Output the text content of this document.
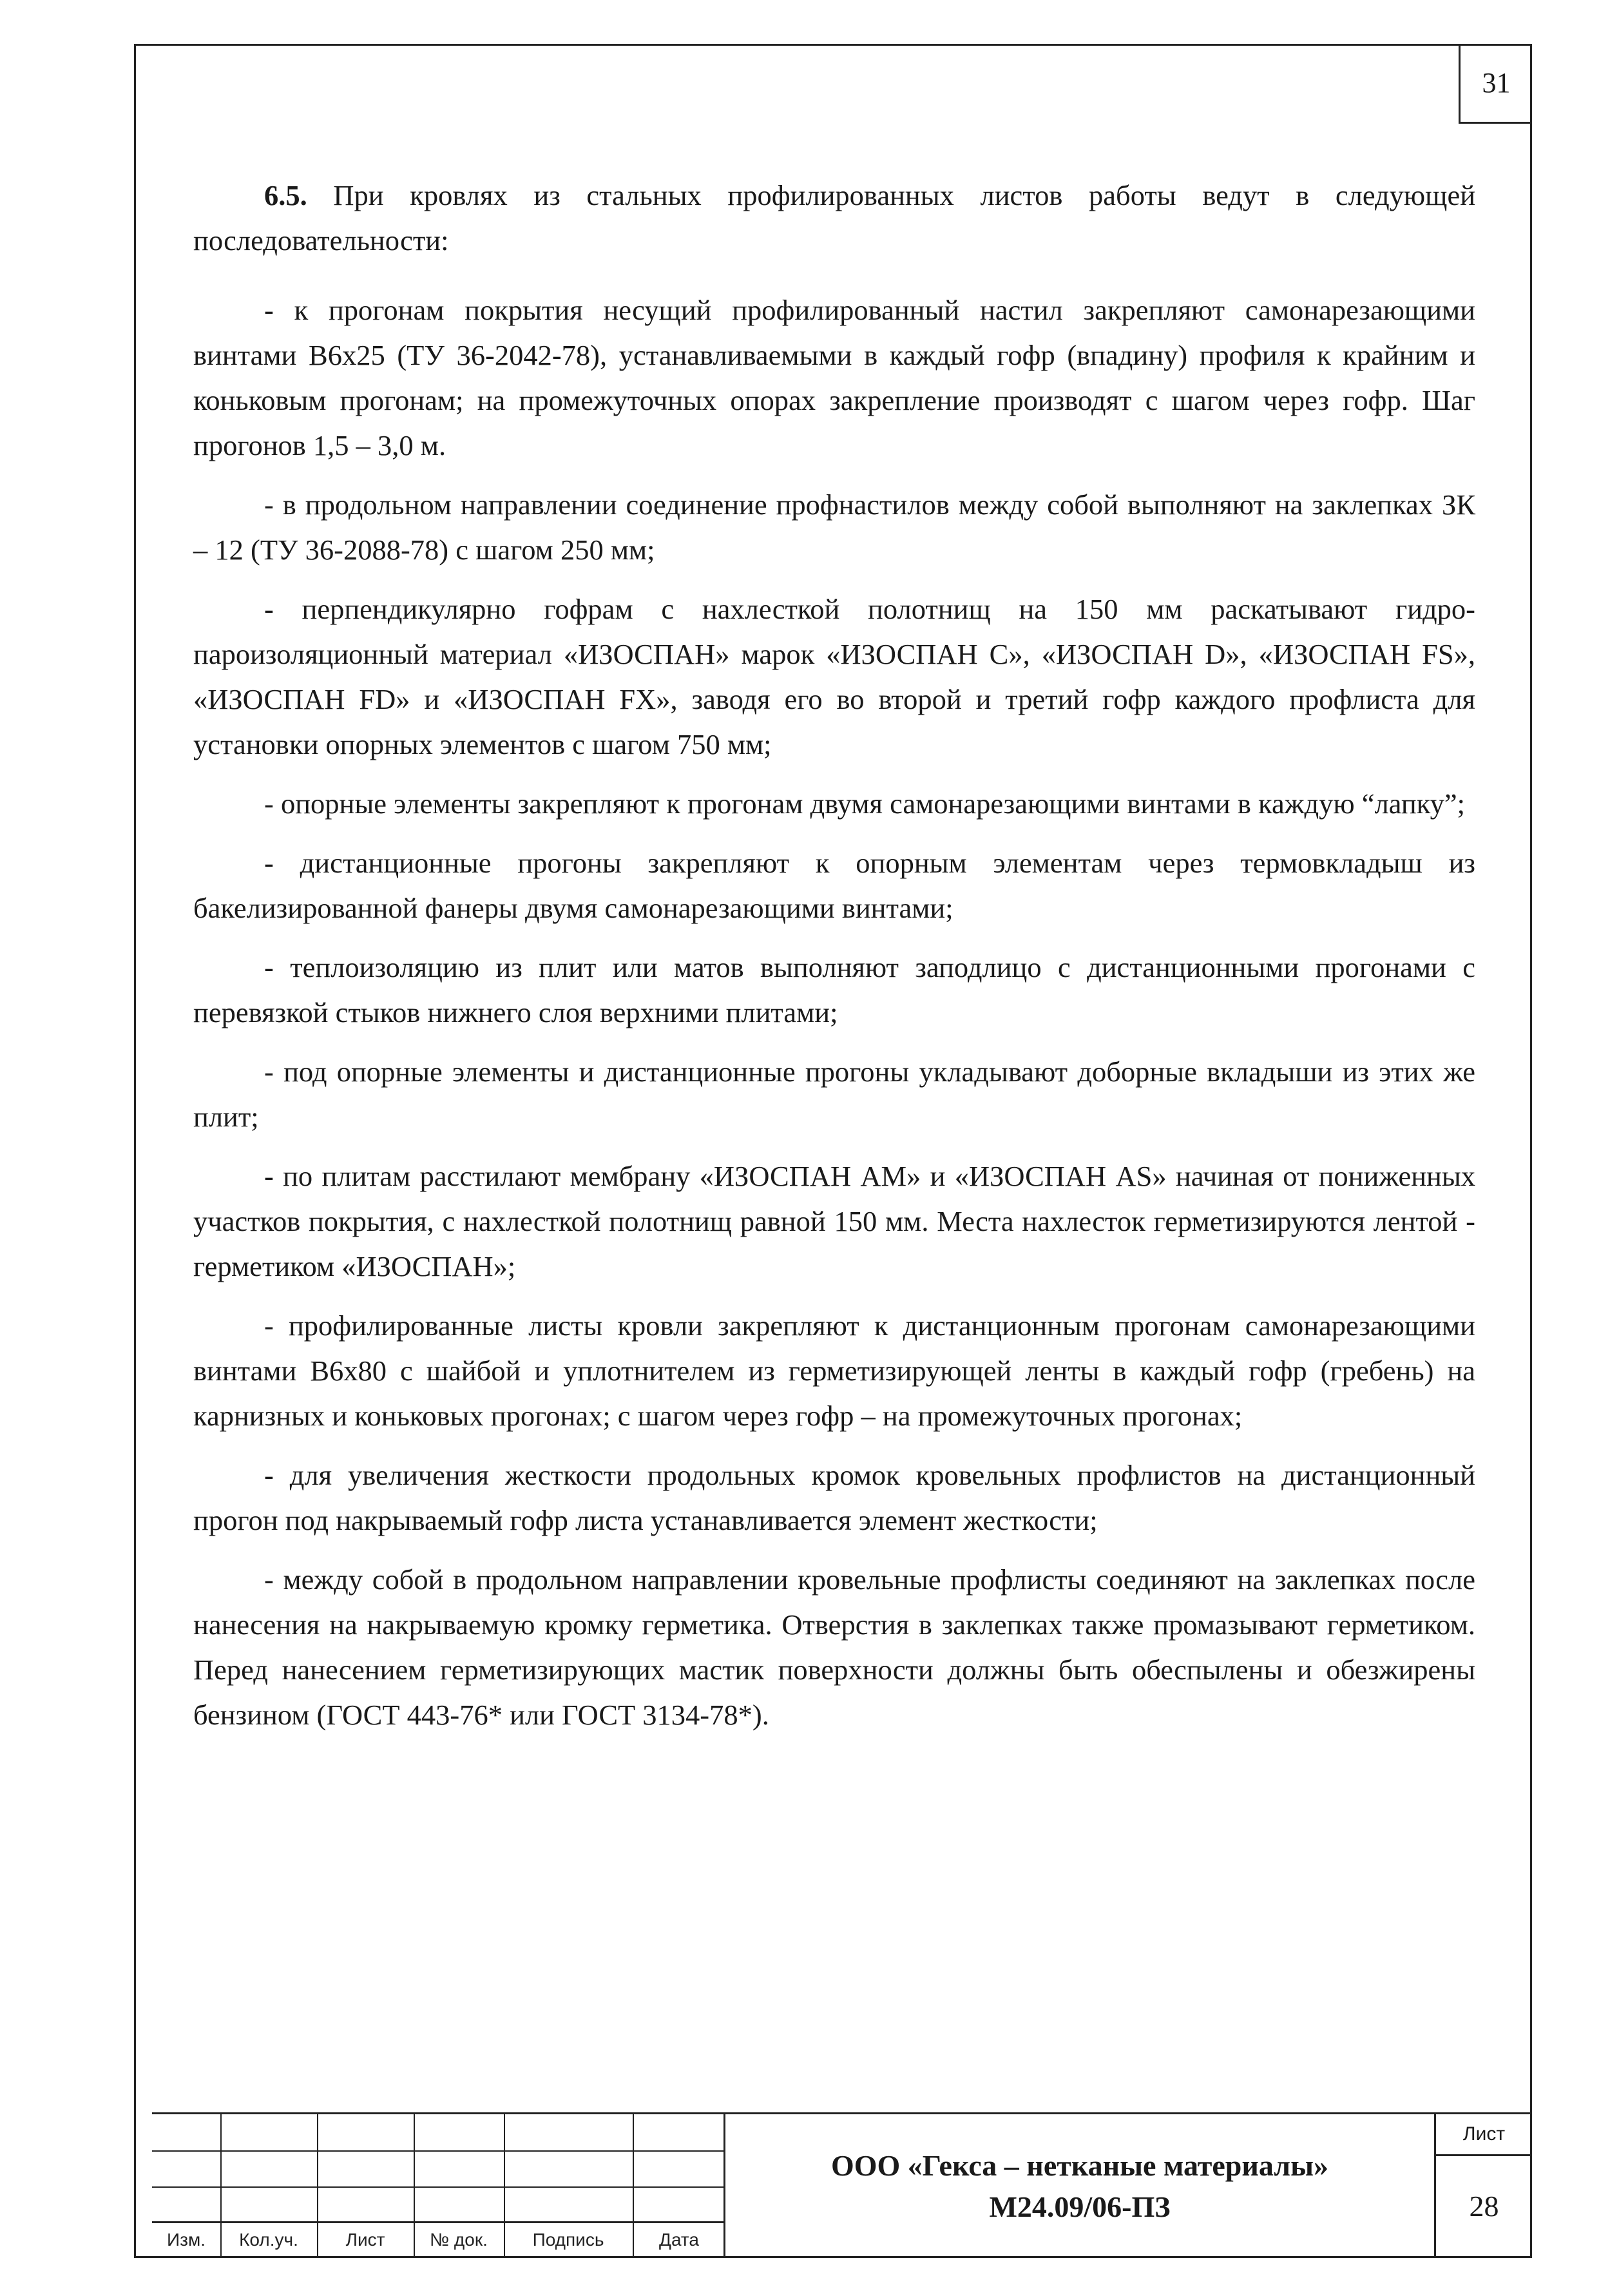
31

6.5. При кровлях из стальных профилированных листов работы ведут в следующей последовательности:

- к прогонам покрытия несущий профилированный настил закрепляют самонарезающими винтами В6х25 (ТУ 36-2042-78), устанавливаемыми в каждый гофр (впадину) профиля к крайним и коньковым прогонам; на промежуточных опорах закрепление производят с шагом через гофр. Шаг прогонов 1,5 – 3,0 м.

- в продольном направлении соединение профнастилов между собой выполняют на заклепках ЗК – 12 (ТУ 36-2088-78) с шагом 250 мм;

- перпендикулярно гофрам с нахлесткой полотнищ на 150 мм раскатывают гидро-пароизоляционный материал «ИЗОСПАН» марок «ИЗОСПАН С», «ИЗОСПАН D», «ИЗОСПАН FS», «ИЗОСПАН FD» и «ИЗОСПАН FX», заводя его во второй и третий гофр каждого профлиста для установки опорных элементов с шагом 750 мм;

- опорные элементы закрепляют к прогонам двумя самонарезающими винтами в каждую “лапку”;

- дистанционные прогоны закрепляют к опорным элементам через термовкладыш из бакелизированной фанеры двумя самонарезающими винтами;

- теплоизоляцию из плит или матов выполняют заподлицо с дистанционными прогонами с перевязкой стыков нижнего слоя верхними плитами;

- под опорные элементы и дистанционные прогоны укладывают доборные вкладыши из этих же плит;

- по плитам расстилают мембрану «ИЗОСПАН АМ» и «ИЗОСПАН AS» начиная от пониженных участков покрытия, с нахлесткой полотнищ равной 150 мм. Места нахлесток герметизируются лентой - герметиком «ИЗОСПАН»;

- профилированные листы кровли закрепляют к дистанционным прогонам самонарезающими винтами В6х80 с шайбой и уплотнителем из герметизирующей ленты в каждый гофр (гребень) на карнизных и коньковых прогонах; с шагом через гофр – на промежуточных прогонах;

- для увеличения жесткости продольных кромок кровельных профлистов на дистанционный прогон под накрываемый гофр листа устанавливается элемент жесткости;

- между собой в продольном направлении кровельные профлисты соединяют на заклепках после нанесения на накрываемую кромку герметика. Отверстия в заклепках также промазывают герметиком. Перед нанесением герметизирующих мастик поверхности должны быть обеспылены и обезжирены бензином (ГОСТ 443-76* или ГОСТ 3134-78*).

Изм.	Кол.уч.	Лист	№ док.	Подпись	Дата
ООО «Гекса – нетканые материалы»
М24.09/06-ПЗ
Лист
28
